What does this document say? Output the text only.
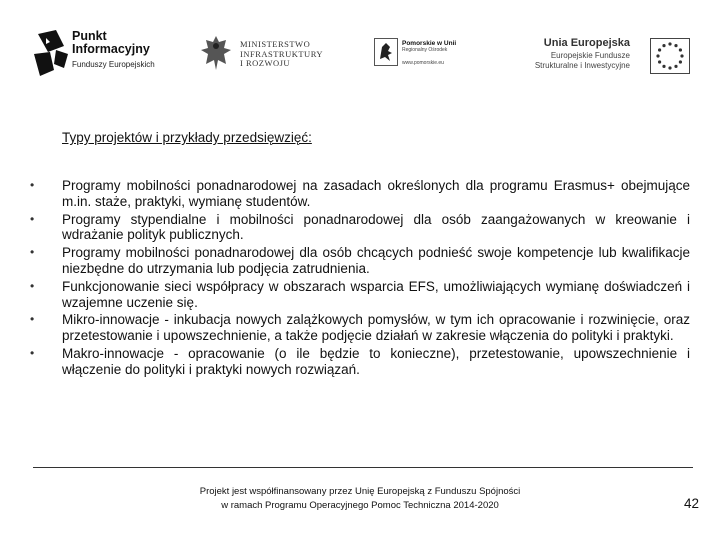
Punkt
Informacyjny
Funduszy Europejskich
MINISTERSTWO
INFRASTRUKTURY
I ROZWOJU
Pomorskie w Unii
Regionalny Ośrodek
www.pomorskie.eu
Unia Europejska
Europejskie Fundusze
Strukturalne i Inwestycyjne
Typy projektów i przykłady przedsięwzięć:
• Programy mobilności ponadnarodowej na zasadach określonych dla programu Erasmus+ obejmujące m.in. staże, praktyki, wymianę studentów.
• Programy stypendialne i mobilności ponadnarodowej dla osób zaangażowanych w kreowanie i wdrażanie polityk publicznych.
• Programy mobilności ponadnarodowej dla osób chcących podnieść swoje kompetencje lub kwalifikacje niezbędne do utrzymania lub podjęcia zatrudnienia.
• Funkcjonowanie sieci współpracy w obszarach wsparcia EFS, umożliwiających wymianę doświadczeń i wzajemne uczenie się.
• Mikro-innowacje - inkubacja nowych zalążkowych pomysłów, w tym ich opracowanie i rozwinięcie, oraz przetestowanie i upowszechnienie, a także podjęcie działań w zakresie włączenia do polityki i praktyki.
• Makro-innowacje - opracowanie (o ile będzie to konieczne), przetestowanie, upowszechnienie i włączenie do polityki i praktyki nowych rozwiązań.
Projekt jest współfinansowany przez Unię Europejską z Funduszu Spójności
w ramach Programu Operacyjnego Pomoc Techniczna 2014-2020	42
